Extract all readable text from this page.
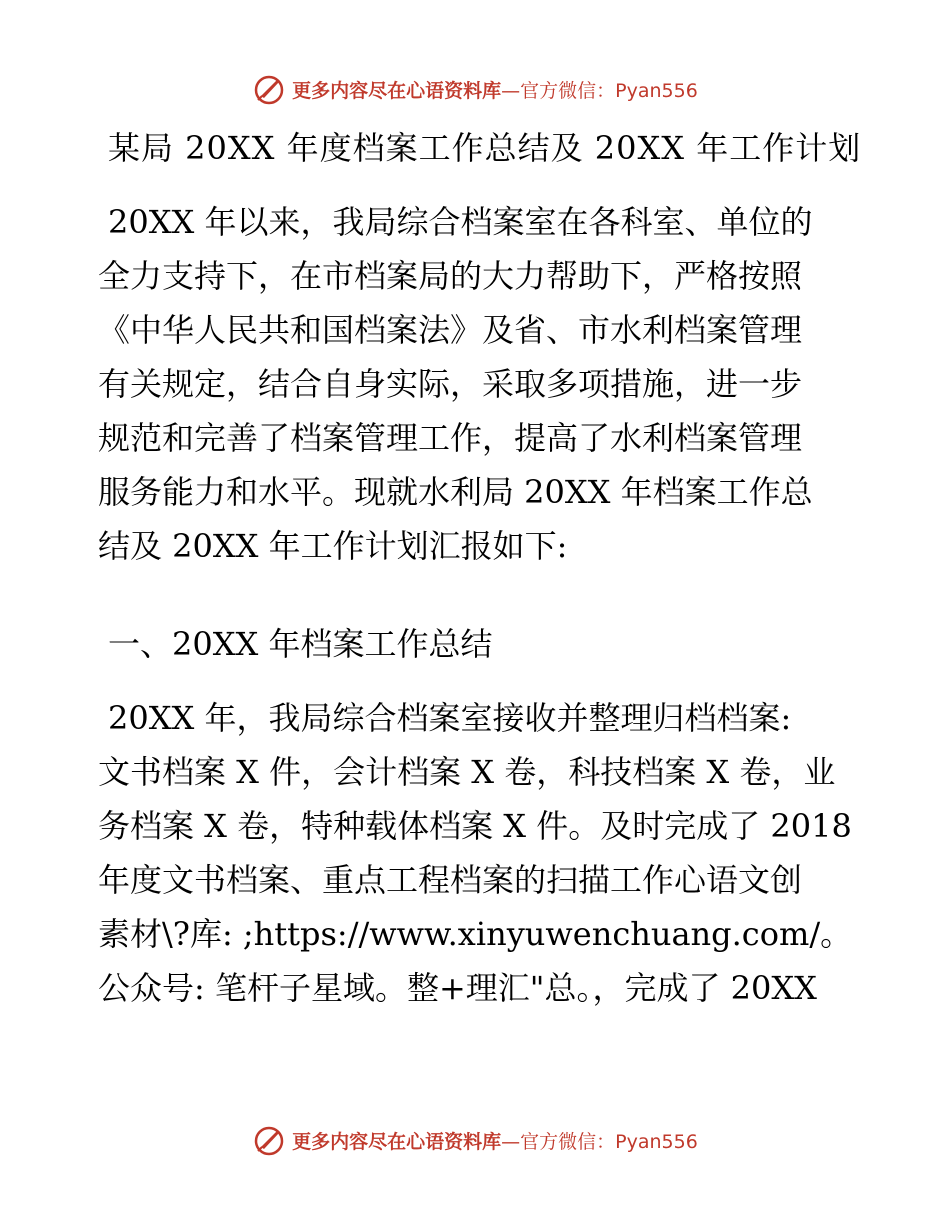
更多内容尽在心语资料库—官方微信：Pyan556
某局 20XX 年度档案工作总结及 20XX 年工作计划
20XX 年以来，我局综合档案室在各科室、单位的
全力支持下，在市档案局的大力帮助下，严格按照
《中华人民共和国档案法》及省、市水利档案管理
有关规定，结合自身实际，采取多项措施，进一步
规范和完善了档案管理工作，提高了水利档案管理
服务能力和水平。现就水利局 20XX 年档案工作总
结及 20XX 年工作计划汇报如下:
一、20XX 年档案工作总结
20XX 年，我局综合档案室接收并整理归档档案:
文书档案 X 件，会计档案 X 卷，科技档案 X 卷，业
务档案 X 卷，特种载体档案 X 件。及时完成了 2018
年度文书档案、重点工程档案的扫描工作心语文创
素材\?库: ;https://www.xinyuwenchuang.com/。
公众号: 笔杆子星域。整+理汇"总。，完成了 20XX
更多内容尽在心语资料库—官方微信：Pyan556
